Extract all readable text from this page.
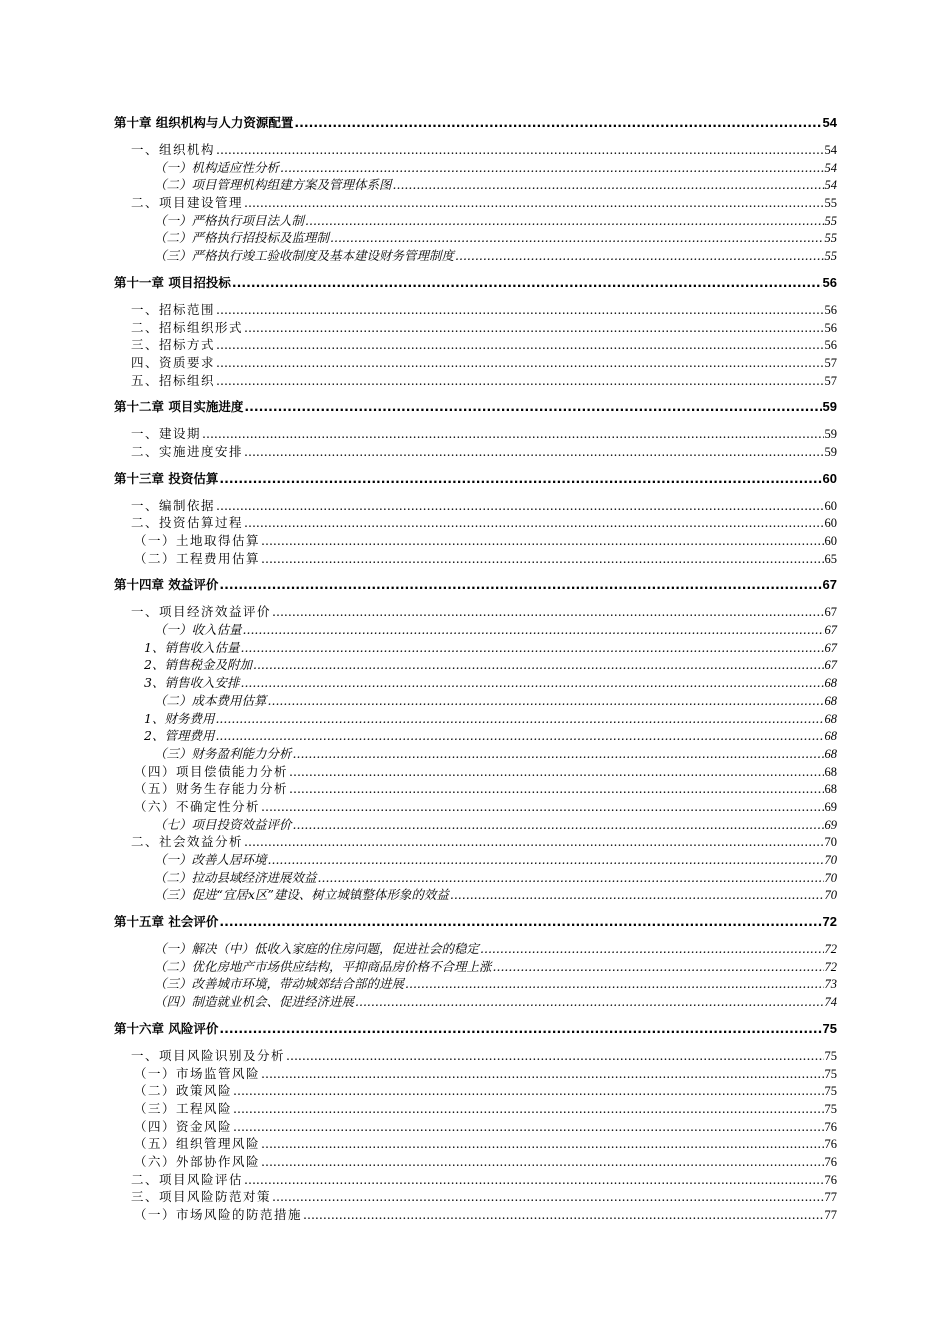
第十章 组织机构与人力资源配置 .....	54
一、组织机构 .....	54
（一）机构适应性分析 .....	54
（二）项目管理机构组建方案及管理体系图 .....	54
二、项目建设管理 .....	55
（一）严格执行项目法人制 .....	55
（二）严格执行招投标及监理制 .....	55
（三）严格执行竣工验收制度及基本建设财务管理制度 .....	55
第十一章 项目招投标 .....	56
一、招标范围 .....	56
二、招标组织形式 .....	56
三、招标方式 .....	56
四、资质要求 .....	57
五、招标组织 .....	57
第十二章 项目实施进度 .....	59
一、建设期 .....	59
二、实施进度安排 .....	59
第十三章 投资估算 .....	60
一、编制依据 .....	60
二、投资估算过程 .....	60
（一）土地取得估算 .....	60
（二）工程费用估算 .....	65
第十四章 效益评价 .....	67
一、项目经济效益评价 .....	67
（一）收入估量 .....	67
1、销售收入估量 .....	67
2、销售税金及附加 .....	67
3、销售收入安排 .....	68
（二）成本费用估算 .....	68
1、财务费用 .....	68
2、管理费用 .....	68
（三）财务盈利能力分析 .....	68
（四）项目偿债能力分析 .....	68
（五）财务生存能力分析 .....	68
（六）不确定性分析 .....	69
（七）项目投资效益评价 .....	69
二、社会效益分析 .....	70
（一）改善人居环境 .....	70
（二）拉动县域经济进展效益 .....	70
（三）促进“宜居x区”建设、树立城镇整体形象的效益 .....	70
第十五章 社会评价 .....	72
（一）解决（中）低收入家庭的住房问题，促进社会的稳定 .....	72
（二）优化房地产市场供应结构，平抑商品房价格不合理上涨 .....	72
（三）改善城市环境，带动城郊结合部的进展 .....	73
（四）制造就业机会、促进经济进展 .....	74
第十六章 风险评价 .....	75
一、项目风险识别及分析 .....	75
（一）市场监管风险 .....	75
（二）政策风险 .....	75
（三）工程风险 .....	75
（四）资金风险 .....	76
（五）组织管理风险 .....	76
（六）外部协作风险 .....	76
二、项目风险评估 .....	76
三、项目风险防范对策 .....	77
（一）市场风险的防范措施 .....	77
